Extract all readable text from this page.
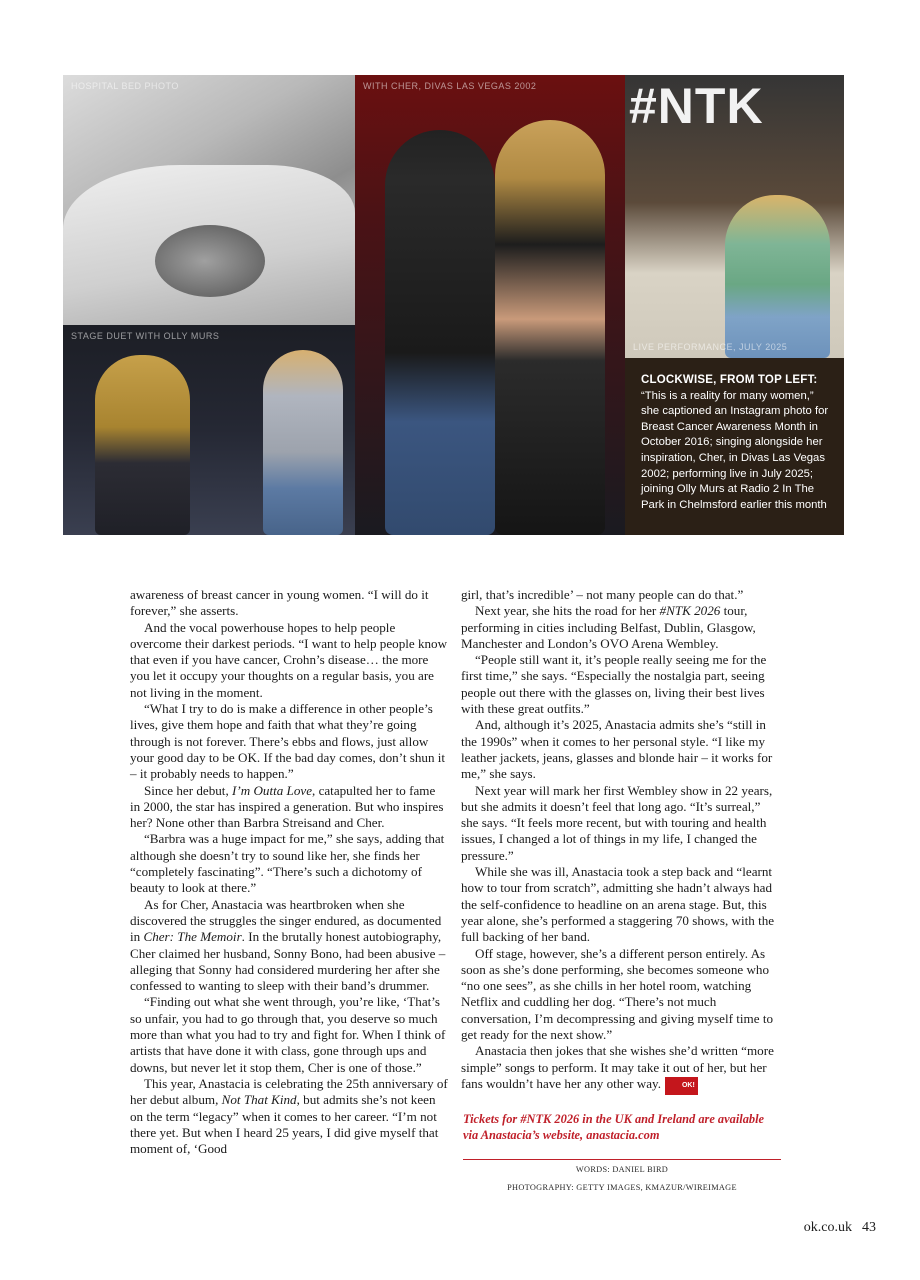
HOSPITAL BED PHOTO
STAGE DUET WITH OLLY MURS
WITH CHER, DIVAS LAS VEGAS 2002 #NTK
LIVE PERFORMANCE, JULY 2025
CLOCKWISE, FROM TOP LEFT:
“This is a reality for many women,” she captioned an Instagram photo for Breast Cancer Awareness Month in October 2016; singing alongside her inspiration, Cher, in Divas Las Vegas 2002; performing live in July 2025; joining Olly Murs at Radio 2 In The Park in Chelmsford earlier this month

awareness of breast cancer in young women. “I will do it forever,” she asserts.

And the vocal powerhouse hopes to help people overcome their darkest periods. “I want to help people know that even if you have cancer, Crohn’s disease… the more you let it occupy your thoughts on a regular basis, you are not living in the moment.

“What I try to do is make a difference in other people’s lives, give them hope and faith that what they’re going through is not forever. There’s ebbs and flows, just allow your good day to be OK. If the bad day comes, don’t shun it – it probably needs to happen.”

Since her debut, I’m Outta Love, catapulted her to fame in 2000, the star has inspired a generation. But who inspires her? None other than Barbra Streisand and Cher.

“Barbra was a huge impact for me,” she says, adding that although she doesn’t try to sound like her, she finds her “completely fascinating”. “There’s such a dichotomy of beauty to look at there.”

As for Cher, Anastacia was heartbroken when she discovered the struggles the singer endured, as documented in Cher: The Memoir. In the brutally honest autobiography, Cher claimed her husband, Sonny Bono, had been abusive – alleging that Sonny had considered murdering her after she confessed to wanting to sleep with their band’s drummer.

“Finding out what she went through, you’re like, ‘That’s so unfair, you had to go through that, you deserve so much more than what you had to try and fight for. When I think of artists that have done it with class, gone through ups and downs, but never let it stop them, Cher is one of those.”

This year, Anastacia is celebrating the 25th anniversary of her debut album, Not That Kind, but admits she’s not keen on the term “legacy” when it comes to her career. “I’m not there yet. But when I heard 25 years, I did give myself that moment of, ‘Good

girl, that’s incredible’ – not many people can do that.”

Next year, she hits the road for her #NTK 2026 tour, performing in cities including Belfast, Dublin, Glasgow, Manchester and London’s OVO Arena Wembley.

“People still want it, it’s people really seeing me for the first time,” she says. “Especially the nostalgia part, seeing people out there with the glasses on, living their best lives with these great outfits.”

And, although it’s 2025, Anastacia admits she’s “still in the 1990s” when it comes to her personal style. “I like my leather jackets, jeans, glasses and blonde hair – it works for me,” she says.

Next year will mark her first Wembley show in 22 years, but she admits it doesn’t feel that long ago. “It’s surreal,” she says. “It feels more recent, but with touring and health issues, I changed a lot of things in my life, I changed the pressure.”

While she was ill, Anastacia took a step back and “learnt how to tour from scratch”, admitting she hadn’t always had the self-confidence to headline on an arena stage. But, this year alone, she’s performed a staggering 70 shows, with the full backing of her band.

Off stage, however, she’s a different person entirely. As soon as she’s done performing, she becomes someone who “no one sees”, as she chills in her hotel room, watching Netflix and cuddling her dog. “There’s not much conversation, I’m decompressing and giving myself time to get ready for the next show.”

Anastacia then jokes that she wishes she’d written “more simple” songs to perform. It may take it out of her, but her fans wouldn’t have her any other way.	OK!

Tickets for #NTK 2026 in the UK and Ireland are available via Anastacia’s website, anastacia.com
WORDS: DANIEL BIRD
PHOTOGRAPHY: GETTY IMAGES, KMAZUR/WIREIMAGE
ok.co.uk 43
